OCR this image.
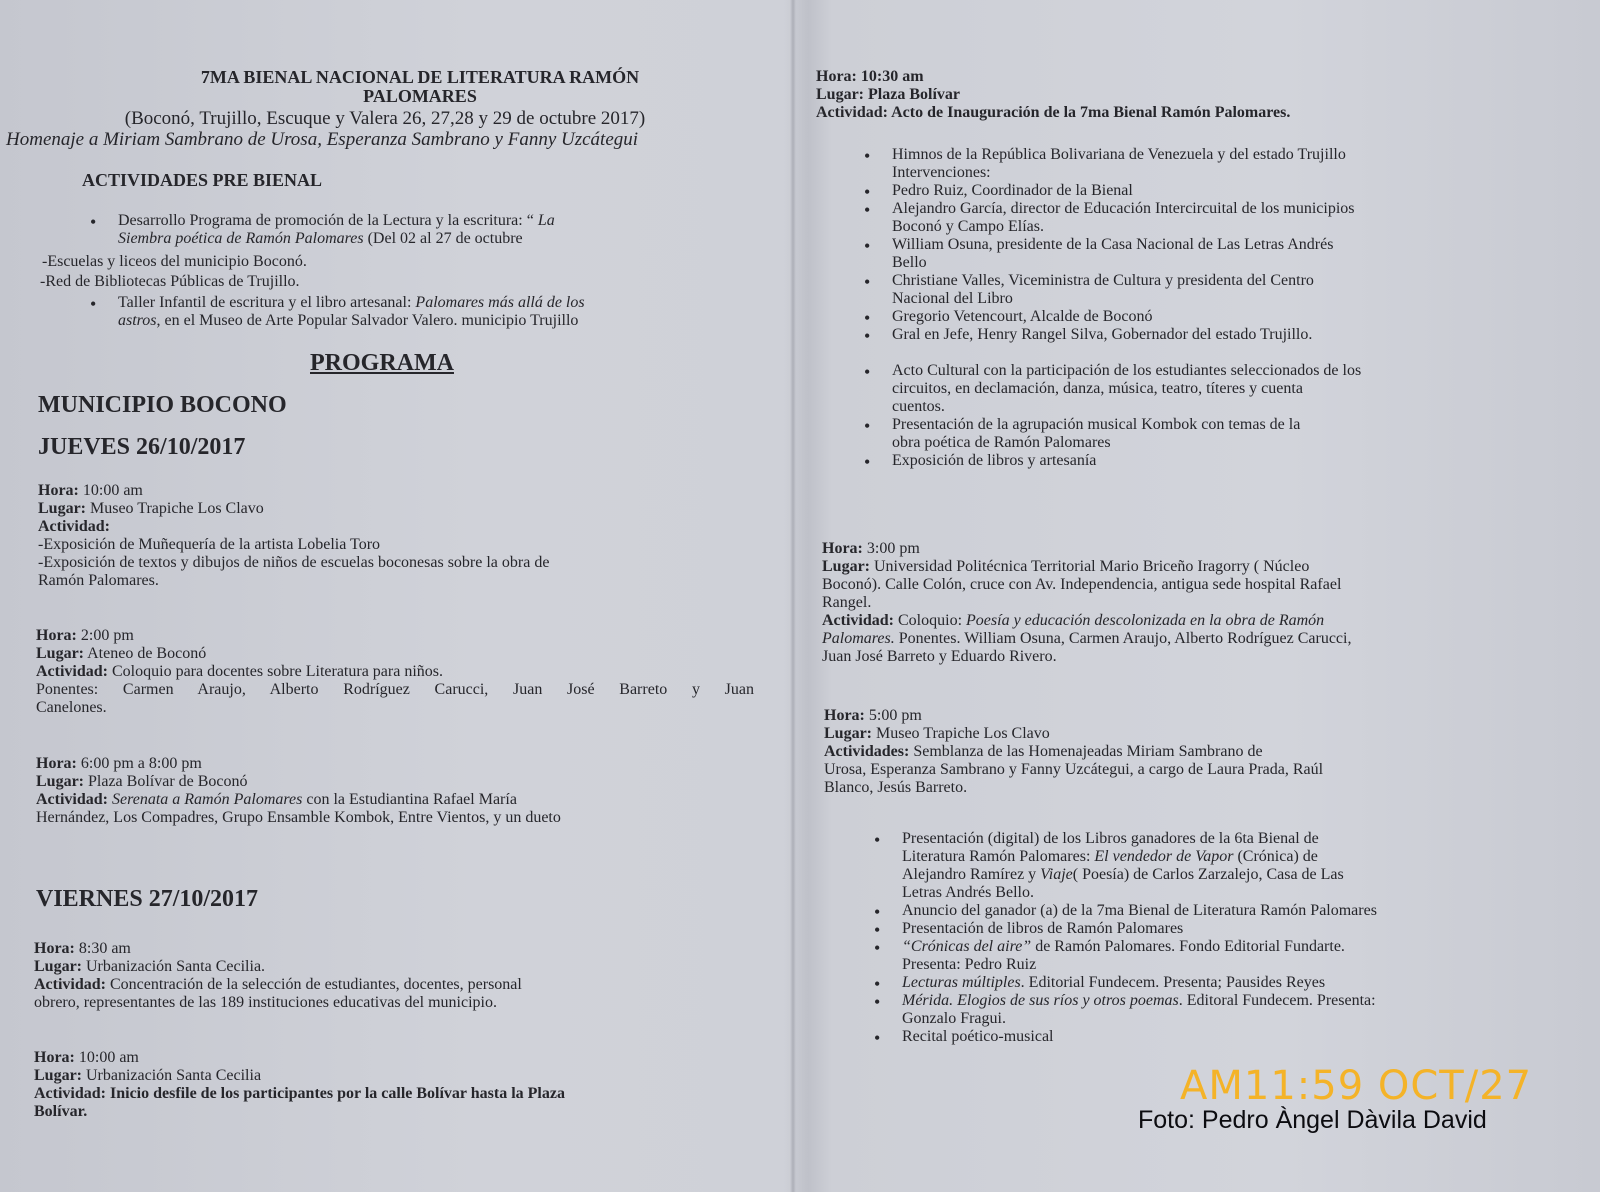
7MA BIENAL NACIONAL DE LITERATURA RAMÓN
PALOMARES
(Boconó, Trujillo, Escuque y Valera 26, 27,28 y 29 de octubre 2017)
Homenaje a Miriam Sambrano de Urosa, Esperanza Sambrano y Fanny Uzcátegui
ACTIVIDADES PRE BIENAL
• Desarrollo Programa de promoción de la Lectura y la escritura: “ La
Siembra poética de Ramón Palomares (Del 02 al 27 de octubre
-Escuelas y liceos del municipio Boconó.
-Red de Bibliotecas Públicas de Trujillo.
• Taller Infantil de escritura y el libro artesanal: Palomares más allá de los
astros, en el Museo de Arte Popular Salvador Valero. municipio Trujillo
PROGRAMA
MUNICIPIO BOCONO
JUEVES 26/10/2017
Hora: 10:00 am
Lugar: Museo Trapiche Los Clavo
Actividad:
-Exposición de Muñequería de la artista Lobelia Toro
-Exposición de textos y dibujos de niños de escuelas boconesas sobre la obra de
Ramón Palomares.
Hora: 2:00 pm
Lugar: Ateneo de Boconó
Actividad: Coloquio para docentes sobre Literatura para niños.
Ponentes: Carmen Araujo, Alberto Rodríguez Carucci, Juan José Barreto y Juan
Canelones.
Hora: 6:00 pm a 8:00 pm
Lugar: Plaza Bolívar de Boconó
Actividad: Serenata a Ramón Palomares con la Estudiantina Rafael María
Hernández, Los Compadres, Grupo Ensamble Kombok, Entre Vientos, y un dueto
VIERNES 27/10/2017
Hora: 8:30 am
Lugar: Urbanización Santa Cecilia.
Actividad: Concentración de la selección de estudiantes, docentes, personal
obrero, representantes de las 189 instituciones educativas del municipio.
Hora: 10:00 am
Lugar: Urbanización Santa Cecilia
Actividad: Inicio desfile de los participantes por la calle Bolívar hasta la Plaza
Bolívar.
Hora: 10:30 am
Lugar: Plaza Bolívar
Actividad: Acto de Inauguración de la 7ma Bienal Ramón Palomares.
• Himnos de la República Bolivariana de Venezuela y del estado Trujillo
Intervenciones:
• Pedro Ruiz, Coordinador de la Bienal
• Alejandro García, director de Educación Intercircuital de los municipios
Boconó y Campo Elías.
• William Osuna, presidente de la Casa Nacional de Las Letras Andrés
Bello
• Christiane Valles, Viceministra de Cultura y presidenta del Centro
Nacional del Libro
• Gregorio Vetencourt, Alcalde de Boconó
• Gral en Jefe, Henry Rangel Silva, Gobernador del estado Trujillo.
• Acto Cultural con la participación de los estudiantes seleccionados de los
circuitos, en declamación, danza, música, teatro, títeres y cuenta
cuentos.
• Presentación de la agrupación musical Kombok con temas de la
obra poética de Ramón Palomares
• Exposición de libros y artesanía
Hora: 3:00 pm
Lugar: Universidad Politécnica Territorial Mario Briceño Iragorry ( Núcleo
Boconó). Calle Colón, cruce con Av. Independencia, antigua sede hospital Rafael
Rangel.
Actividad: Coloquio: Poesía y educación descolonizada en la obra de Ramón
Palomares. Ponentes. William Osuna, Carmen Araujo, Alberto Rodríguez Carucci,
Juan José Barreto y Eduardo Rivero.
Hora: 5:00 pm
Lugar: Museo Trapiche Los Clavo
Actividades: Semblanza de las Homenajeadas Miriam Sambrano de
Urosa, Esperanza Sambrano y Fanny Uzcátegui, a cargo de Laura Prada, Raúl
Blanco, Jesús Barreto.
• Presentación (digital) de los Libros ganadores de la 6ta Bienal de
Literatura Ramón Palomares: El vendedor de Vapor (Crónica) de
Alejandro Ramírez y Viaje( Poesía) de Carlos Zarzalejo, Casa de Las
Letras Andrés Bello.
• Anuncio del ganador (a) de la 7ma Bienal de Literatura Ramón Palomares
• Presentación de libros de Ramón Palomares
• “Crónicas del aire” de Ramón Palomares. Fondo Editorial Fundarte.
Presenta: Pedro Ruiz
• Lecturas múltiples. Editorial Fundecem. Presenta; Pausides Reyes
• Mérida. Elogios de sus ríos y otros poemas. Editoral Fundecem. Presenta:
Gonzalo Fragui.
• Recital poético-musical
AM11:59 OCT/27
Foto: Pedro Àngel Dàvila David
